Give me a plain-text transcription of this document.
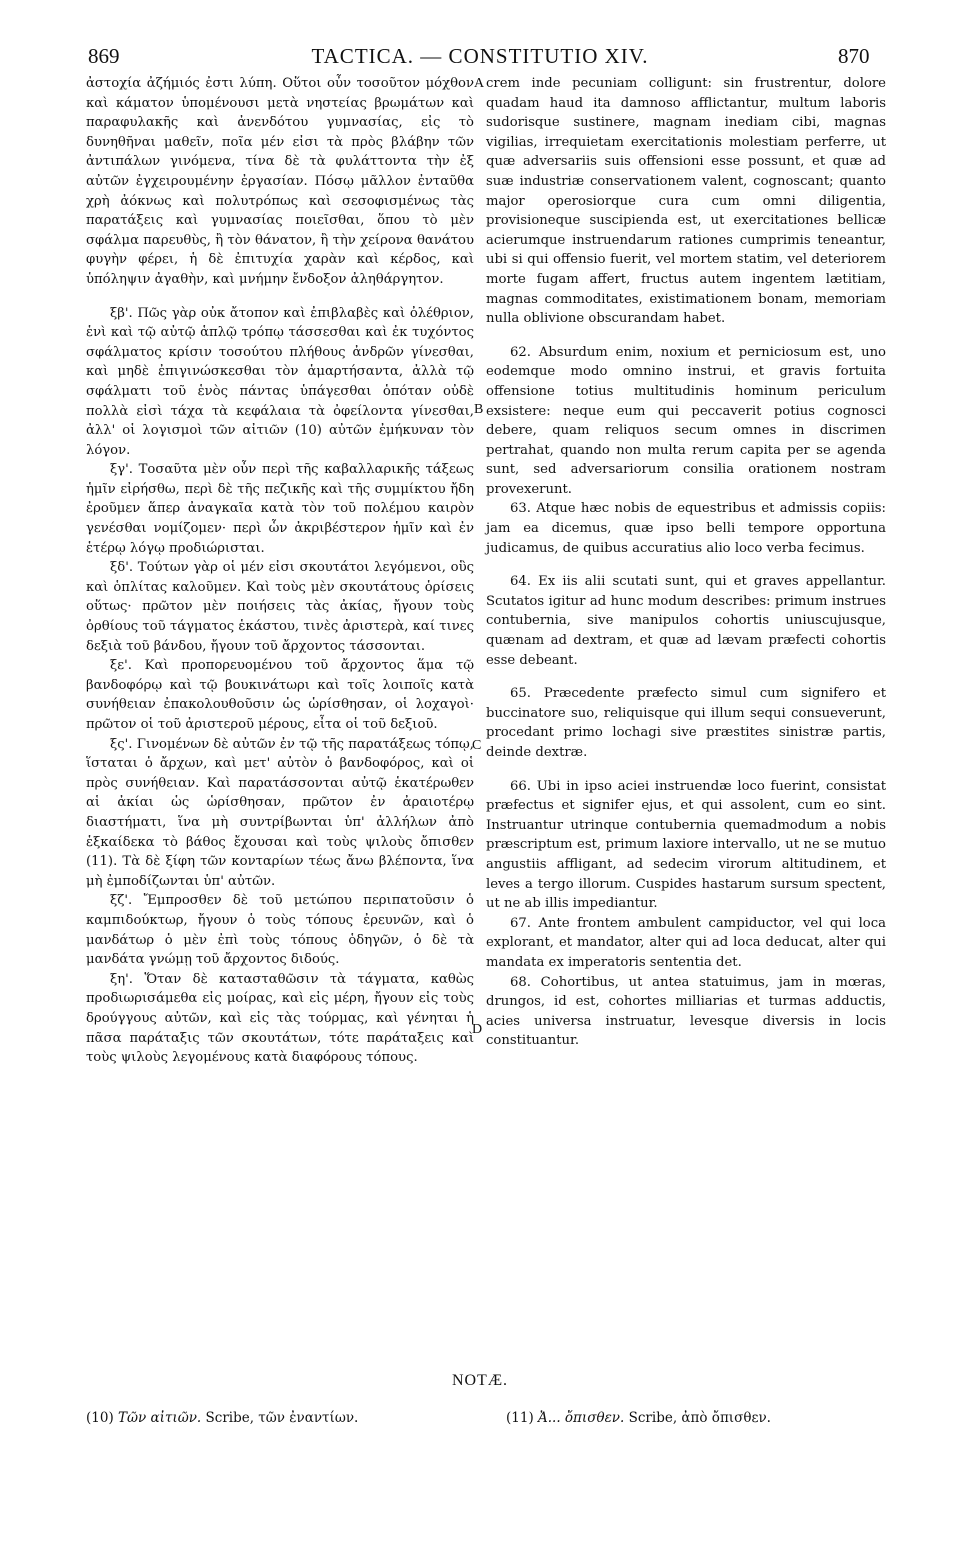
869	TACTICA. — CONSTITUTIO XIV.	870
A
B
C
D

ἀστοχία ἀζήμιός ἐστι λύπη. Οὕτοι οὖν τοσοῦτον μόχθον καὶ κάματον ὑπομένουσι μετὰ νηστείας βρωμάτων καὶ παραφυλακῆς καὶ ἀνενδότου γυμνασίας, εἰς τὸ δυνηθῆναι μαθεῖν, ποῖα μέν εἰσι τὰ πρὸς βλάβην τῶν ἀντιπάλων γινόμενα, τίνα δὲ τὰ φυλάττοντα τὴν ἐξ αὐτῶν ἐγχειρουμένην ἐργασίαν. Πόσῳ μᾶλλον ἐνταῦθα χρὴ ἀόκνως καὶ πολυτρόπως καὶ σεσοφισμένως τὰς παρατάξεις καὶ γυμνασίας ποιεῖσθαι, ὅπου τὸ μὲν σφάλμα παρευθὺς, ἢ τὸν θάνατον, ἢ τὴν χείρονα θανάτου φυγὴν φέρει, ἡ δὲ ἐπιτυχία χαρὰν καὶ κέρδος, καὶ ὑπόληψιν ἀγαθὴν, καὶ μνήμην ἔνδοξον ἀληθάργητον.

ξβ'. Πῶς γὰρ οὐκ ἄτοπον καὶ ἐπιβλαβὲς καὶ ὀλέθριον, ἑνὶ καὶ τῷ αὐτῷ ἁπλῷ τρόπῳ τάσσεσθαι καὶ ἐκ τυχόντος σφάλματος κρίσιν τοσούτου πλήθους ἀνδρῶν γίνεσθαι, καὶ μηδὲ ἐπιγινώσκεσθαι τὸν ἁμαρτήσαντα, ἀλλὰ τῷ σφάλματι τοῦ ἑνὸς πάντας ὑπάγεσθαι ὁπόταν οὐδὲ πολλὰ εἰσὶ τάχα τὰ κεφάλαια τὰ ὀφείλοντα γίνεσθαι, ἀλλ' οἱ λογισμοὶ τῶν αἰτιῶν (10) αὐτῶν ἐμήκυναν τὸν λόγον.

ξγ'. Τοσαῦτα μὲν οὖν περὶ τῆς καβαλλαρικῆς τάξεως ἡμῖν εἰρήσθω, περὶ δὲ τῆς πεζικῆς καὶ τῆς συμμίκτου ἤδη ἐροῦμεν ἅπερ ἀναγκαῖα κατὰ τὸν τοῦ πολέμου καιρὸν γενέσθαι νομίζομεν· περὶ ὧν ἀκριβέστερον ἡμῖν καὶ ἐν ἑτέρῳ λόγῳ προδιώρισται.

ξδ'. Τούτων γὰρ οἱ μέν εἰσι σκουτάτοι λεγόμενοι, οὓς καὶ ὁπλίτας καλοῦμεν. Καὶ τοὺς μὲν σκουτάτους ὁρίσεις οὕτως· πρῶτον μὲν ποιήσεις τὰς ἀκίας, ἤγουν τοὺς ὀρθίους τοῦ τάγματος ἑκάστου, τινὲς ἀριστερὰ, καί τινες δεξιὰ τοῦ βάνδου, ἤγουν τοῦ ἄρχοντος τάσσονται.

ξε'. Καὶ προπορευομένου τοῦ ἄρχοντος ἅμα τῷ βανδοφόρῳ καὶ τῷ βουκινάτωρι καὶ τοῖς λοιποῖς κατὰ συνήθειαν ἐπακολουθοῦσιν ὡς ὡρίσθησαν, οἱ λοχαγοὶ· πρῶτον οἱ τοῦ ἀριστεροῦ μέρους, εἶτα οἱ τοῦ δεξιοῦ.

ξς'. Γινομένων δὲ αὐτῶν ἐν τῷ τῆς παρατάξεως τόπῳ, ἵσταται ὁ ἄρχων, καὶ μετ' αὐτὸν ὁ βανδοφόρος, καὶ οἱ πρὸς συνήθειαν. Καὶ παρατάσσονται αὐτῷ ἑκατέρωθεν αἱ ἀκίαι ὡς ὡρίσθησαν, πρῶτον ἐν ἀραιοτέρῳ διαστήματι, ἵνα μὴ συντρίβωνται ὑπ' ἀλλήλων ἀπὸ ἑξκαίδεκα τὸ βάθος ἔχουσαι καὶ τοὺς ψιλοὺς ὄπισθεν (11). Τὰ δὲ ξίφη τῶν κονταρίων τέως ἄνω βλέποντα, ἵνα μὴ ἐμποδίζωνται ὑπ' αὐτῶν.

ξζ'. Ἔμπροσθεν δὲ τοῦ μετώπου περιπατοῦσιν ὁ καμπιδούκτωρ, ἤγουν ὁ τοὺς τόπους ἐρευνῶν, καὶ ὁ μανδάτωρ ὁ μὲν ἐπὶ τοὺς τόπους ὁδηγῶν, ὁ δὲ τὰ μανδάτα γνώμῃ τοῦ ἄρχοντος διδούς.

ξη'. Ὅταν δὲ κατασταθῶσιν τὰ τάγματα, καθὼς προδιωρισάμεθα εἰς μοίρας, καὶ εἰς μέρη, ἤγουν εἰς τοὺς δρούγγους αὐτῶν, καὶ εἰς τὰς τούρμας, καὶ γένηται ἡ πᾶσα παράταξις τῶν σκουτάτων, τότε παράταξεις καὶ τοὺς ψιλοὺς λεγομένους κατὰ διαφόρους τόπους.

crem inde pecuniam colligunt: sin frustrentur, dolore quadam haud ita damnoso afflictantur, multum laboris sudorisque sustinere, magnam inediam cibi, magnas vigilias, irrequietam exercitationis molestiam perferre, ut quæ adversariis suis offensioni esse possunt, et quæ ad suæ industriæ conservationem valent, cognoscant; quanto major operosiorque cura cum omni diligentia, provisioneque suscipienda est, ut exercitationes bellicæ acierumque instruendarum rationes cumprimis teneantur, ubi si qui offensio fuerit, vel mortem statim, vel deteriorem morte fugam affert, fructus autem ingentem lætitiam, magnas commoditates, existimationem bonam, memoriam nulla oblivione obscurandam habet.

62. Absurdum enim, noxium et perniciosum est, uno eodemque modo omnino instrui, et gravis fortuita offensione totius multitudinis hominum periculum exsistere: neque eum qui peccaverit potius cognosci debere, quam reliquos secum omnes in discrimen pertrahat, quando non multa rerum capita per se agenda sunt, sed adversariorum consilia orationem nostram provexerunt.

63. Atque hæc nobis de equestribus et admissis copiis: jam ea dicemus, quæ ipso belli tempore opportuna judicamus, de quibus accuratius alio loco verba fecimus.

64. Ex iis alii scutati sunt, qui et graves appellantur. Scutatos igitur ad hunc modum describes: primum instrues contubernia, sive manipulos cohortis uniuscujusque, quænam ad dextram, et quæ ad lævam præfecti cohortis esse debeant.

65. Præcedente præfecto simul cum signifero et buccinatore suo, reliquisque qui illum sequi consueverunt, procedant primo lochagi sive præstites sinistræ partis, deinde dextræ.

66. Ubi in ipso aciei instruendæ loco fuerint, consistat præfectus et signifer ejus, et qui assolent, cum eo sint. Instruantur utrinque contubernia quemadmodum a nobis præscriptum est, primum laxiore intervallo, ut ne se mutuo angustiis affligant, ad sedecim virorum altitudinem, et leves a tergo illorum. Cuspides hastarum sursum spectent, ut ne ab illis impediantur.

67. Ante frontem ambulent campiductor, vel qui loca explorant, et mandator, alter qui ad loca deducat, alter qui mandata ex imperatoris sententia det.

68. Cohortibus, ut antea statuimus, jam in mœras, drungos, id est, cohortes milliarias et turmas adductis, acies universa instruatur, levesque diversis in locis constituantur.

NOTÆ.
(10) Τῶν αἰτιῶν. Scribe, τῶν ἐναντίων.	(11) Ἀ... ὄπισθεν. Scribe, ἀπὸ ὄπισθεν.
